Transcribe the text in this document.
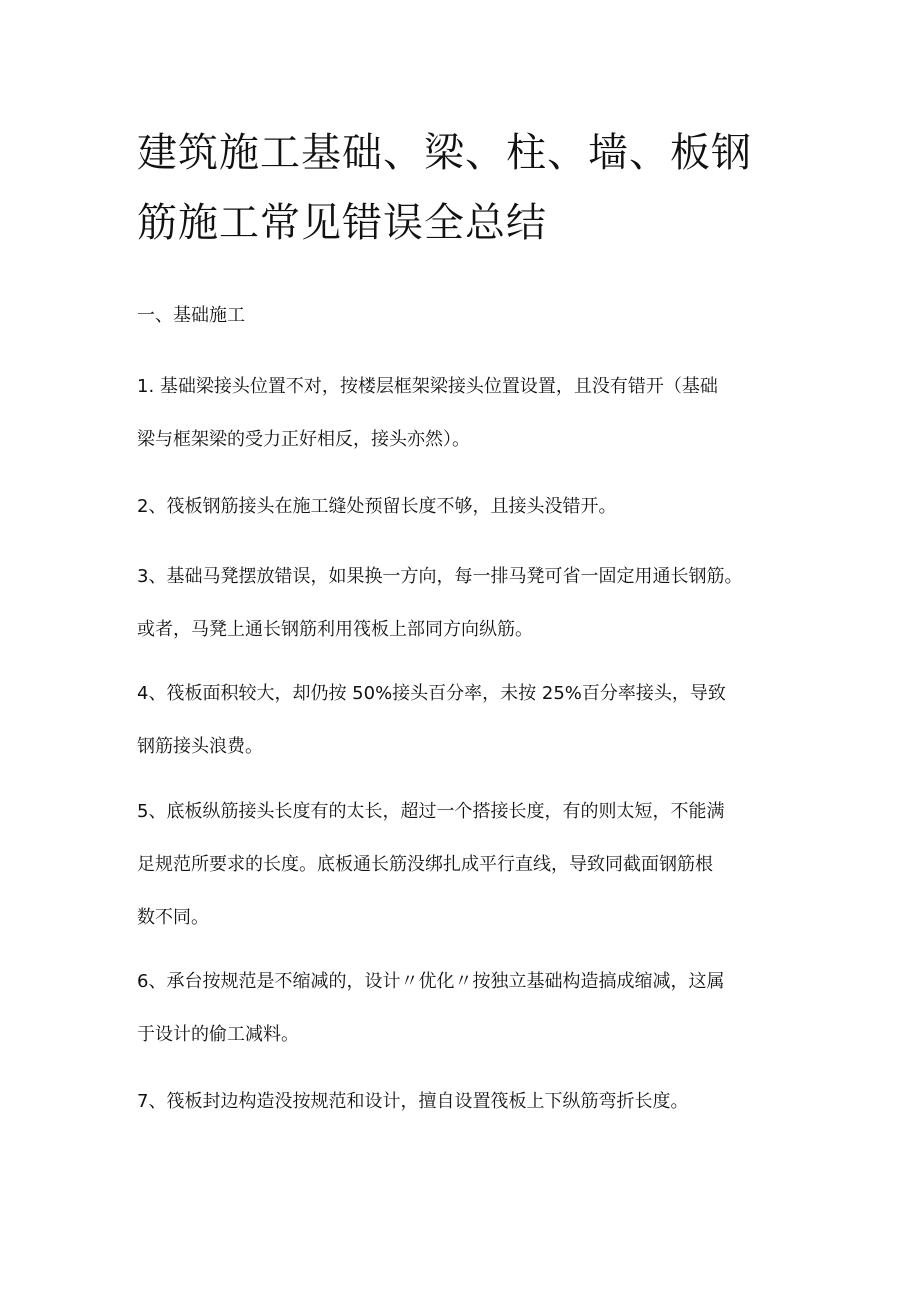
建筑施工基础、梁、柱、墙、板钢
筋施工常见错误全总结

一、基础施工

1. 基础梁接头位置不对，按楼层框架梁接头位置设置，且没有错开（基础
梁与框架梁的受力正好相反，接头亦然）。

2、筏板钢筋接头在施工缝处预留长度不够，且接头没错开。

3、基础马凳摆放错误，如果换一方向，每一排马凳可省一固定用通长钢筋。
或者，马凳上通长钢筋利用筏板上部同方向纵筋。

4、筏板面积较大，却仍按 50%接头百分率，未按 25%百分率接头，导致
钢筋接头浪费。

5、底板纵筋接头长度有的太长，超过一个搭接长度，有的则太短，不能满
足规范所要求的长度。底板通长筋没绑扎成平行直线，导致同截面钢筋根
数不同。

6、承台按规范是不缩减的，设计〃优化〃按独立基础构造搞成缩减，这属
于设计的偷工减料。

7、筏板封边构造没按规范和设计，擅自设置筏板上下纵筋弯折长度。
